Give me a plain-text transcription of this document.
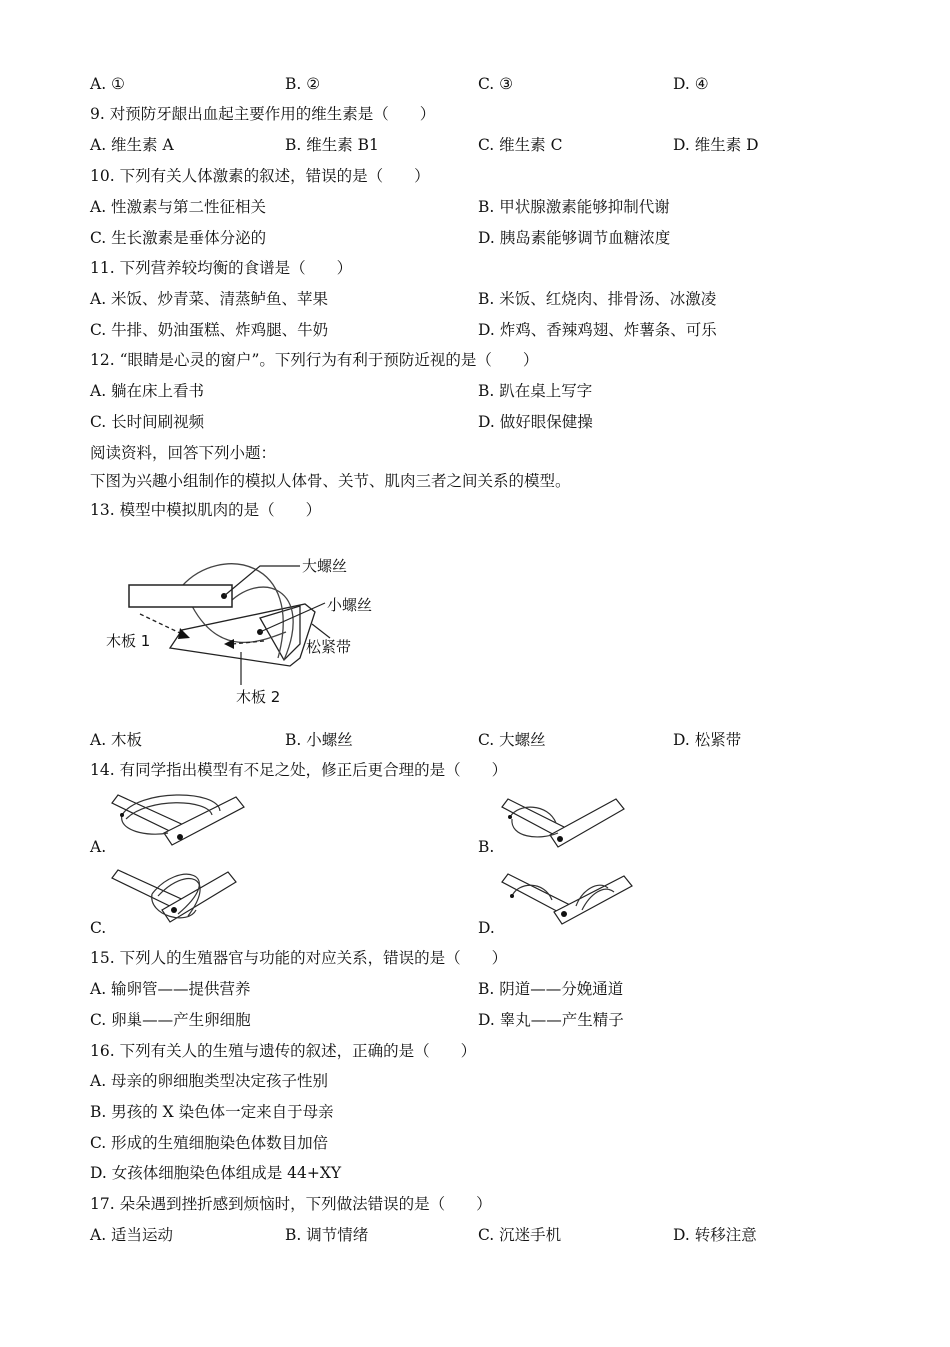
A. ①	B. ②	C. ③	D. ④
9. 对预防牙龈出血起主要作用的维生素是（　　）
A. 维生素 A	B. 维生素 B1	C. 维生素 C	D. 维生素 D
10. 下列有关人体激素的叙述，错误的是（　　）
A. 性激素与第二性征相关	B. 甲状腺激素能够抑制代谢
C. 生长激素是垂体分泌的	D. 胰岛素能够调节血糖浓度
11. 下列营养较均衡的食谱是（　　）
A. 米饭、炒青菜、清蒸鲈鱼、苹果	B. 米饭、红烧肉、排骨汤、冰激凌
C. 牛排、奶油蛋糕、炸鸡腿、牛奶	D. 炸鸡、香辣鸡翅、炸薯条、可乐
12. “眼睛是心灵的窗户”。下列行为有利于预防近视的是（　　）
A. 躺在床上看书	B. 趴在桌上写字
C. 长时间刷视频	D. 做好眼保健操
阅读资料，回答下列小题：
下图为兴趣小组制作的模拟人体骨、关节、肌肉三者之间关系的模型。
13. 模型中模拟肌肉的是（　　）
大螺丝
小螺丝
木板 1	松紧带
木板 2
A. 木板	B. 小螺丝	C. 大螺丝	D. 松紧带
14. 有同学指出模型有不足之处，修正后更合理的是（　　）
A.	B.
C.	D.
15. 下列人的生殖器官与功能的对应关系，错误的是（　　）
A. 输卵管——提供营养	B. 阴道——分娩通道
C. 卵巢——产生卵细胞	D. 睾丸——产生精子
16. 下列有关人的生殖与遗传的叙述，正确的是（　　）
A. 母亲的卵细胞类型决定孩子性别
B. 男孩的 X 染色体一定来自于母亲
C. 形成的生殖细胞染色体数目加倍
D. 女孩体细胞染色体组成是 44+XY
17. 朵朵遇到挫折感到烦恼时，下列做法错误的是（　　）
A. 适当运动	B. 调节情绪	C. 沉迷手机	D. 转移注意
